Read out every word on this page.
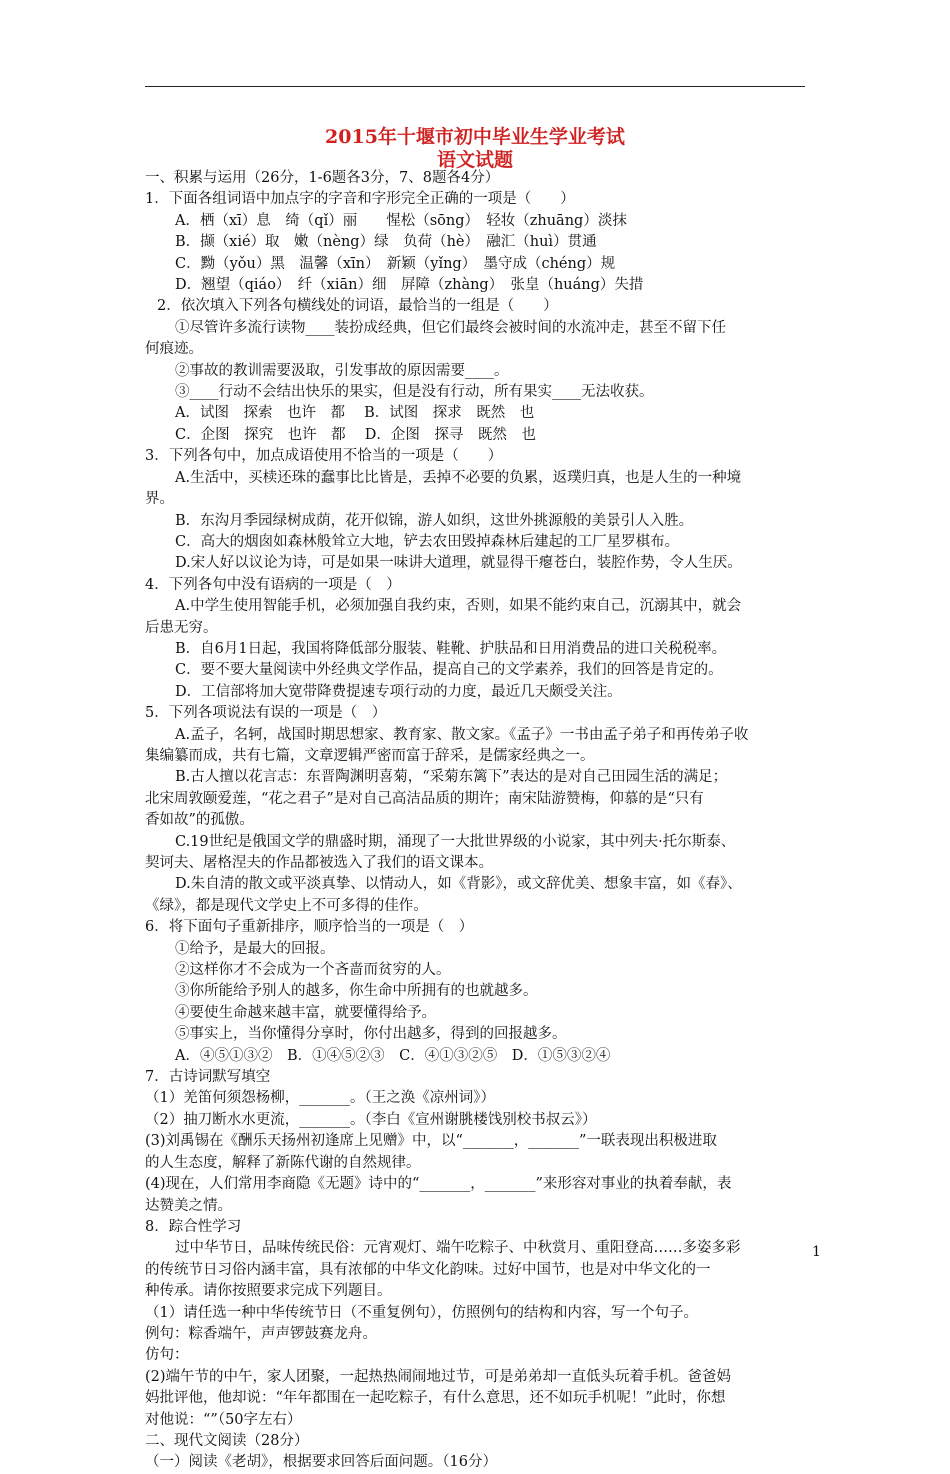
2015年十堰市初中毕业生学业考试
语文试题
一、积累与运用（26分，1-6题各3分，7、8题各4分）
1．下面各组词语中加点字的字音和字形完全正确的一项是（　　）
A．栖（xī）息　绮（qǐ）丽　　惺松（sōng）　轻妆（zhuāng）淡抹
B．撷（xié）取　嫩（nèng）绿　负荷（hè）　融汇（huì）贯通
C．黝（yǒu）黑　温馨（xīn）　新颖（yǐng）　墨守成（chéng）规
D．翘望（qiáo）　纤（xiān）细　屏障（zhàng）　张皇（huáng）失措
2．依次填入下列各句横线处的词语，最恰当的一组是（　　）
①尽管许多流行读物____装扮成经典，但它们最终会被时间的水流冲走，甚至不留下任
何痕迹。
②事故的教训需要汲取，引发事故的原因需要____。
③____行动不会结出快乐的果实，但是没有行动，所有果实____无法收获。
A．试图　探索　也许　都　 B．试图　探求　既然　也
C．企图　探究　也许　都　 D．企图　探寻　既然　也
3．下列各句中，加点成语使用不恰当的一项是（　　）
A.生活中，买椟还珠的蠢事比比皆是，丢掉不必要的负累，返璞归真，也是人生的一种境
界。
B．东沟月季园绿树成荫，花开似锦，游人如织，这世外挑源般的美景引人入胜。
C．高大的烟囱如森林般耸立大地，铲去农田毁掉森林后建起的工厂星罗棋布。
D.宋人好以议论为诗，可是如果一味讲大道理，就显得干瘪苍白，装腔作势，令人生厌。
4．下列各句中没有语病的一项是（　）
A.中学生使用智能手机，必须加强自我约束，否则，如果不能约束自己，沉溺其中，就会
后患无穷。
B．自6月1日起，我国将降低部分服装、鞋靴、护肤品和日用消费品的进口关税税率。
C．要不要大量阅读中外经典文学作品，提高自己的文学素养，我们的回答是肯定的。
D．工信部将加大宽带降费提速专项行动的力度，最近几天颇受关注。
5．下列各项说法有误的一项是（　）
A.孟子，名轲，战国时期思想家、教育家、散文家。《孟子》一书由孟子弟子和再传弟子收
集编纂而成，共有七篇，文章逻辑严密而富于辞采，是儒家经典之一。
B.古人擅以花言志：东晋陶渊明喜菊，“采菊东篱下”表达的是对自己田园生活的满足；
北宋周敦颐爱莲，“花之君子”是对自己高洁品质的期许；南宋陆游赞梅，仰慕的是“只有
香如故”的孤傲。
C.19世纪是俄国文学的鼎盛时期，涌现了一大批世界级的小说家，其中列夫·托尔斯泰、
契诃夫、屠格涅夫的作品都被选入了我们的语文课本。
D.朱自清的散文或平淡真挚、以情动人，如《背影》，或文辞优美、想象丰富，如《春》、
《绿》，都是现代文学史上不可多得的佳作。
6．将下面句子重新排序，顺序恰当的一项是（　）
①给予，是最大的回报。
②这样你才不会成为一个吝啬而贫穷的人。
③你所能给予别人的越多，你生命中所拥有的也就越多。
④要使生命越来越丰富，就要懂得给予。
⑤事实上，当你懂得分享时，你付出越多，得到的回报越多。
A．④⑤①③②　B．①④⑤②③　C．④①③②⑤　D．①⑤③②④
7．古诗词默写填空
（1）羌笛何须怨杨柳，_______。（王之涣《凉州词》）
（2）抽刀断水水更流，_______。（李白《宣州谢朓楼饯别校书叔云》）
(3)刘禹锡在《酬乐天扬州初逢席上见赠》中，以“_______，_______”一联表现出积极进取
的人生态度，解释了新陈代谢的自然规律。
(4)现在，人们常用李商隐《无题》诗中的“_______，_______”来形容对事业的执着奉献，表
达赞美之情。
8．踪合性学习
过中华节日，品味传统民俗：元宵观灯、端午吃粽子、中秋赏月、重阳登高……多姿多彩
的传统节日习俗内涵丰富，具有浓郁的中华文化韵味。过好中国节，也是对中华文化的一
种传承。请你按照要求完成下列题目。
（1）请任选一种中华传统节日（不重复例句），仿照例句的结构和内容，写一个句子。
例句：粽香端午，声声锣鼓赛龙舟。
仿句：
(2)端午节的中午，家人团聚，一起热热闹闹地过节，可是弟弟却一直低头玩着手机。爸爸妈
妈批评他，他却说：“年年都围在一起吃粽子，有什么意思，还不如玩手机呢！”此时，你想
对他说：“”（50字左右）
二、现代文阅读（28分）
（一）阅读《老胡》，根据要求回答后面问题。（16分）
1
